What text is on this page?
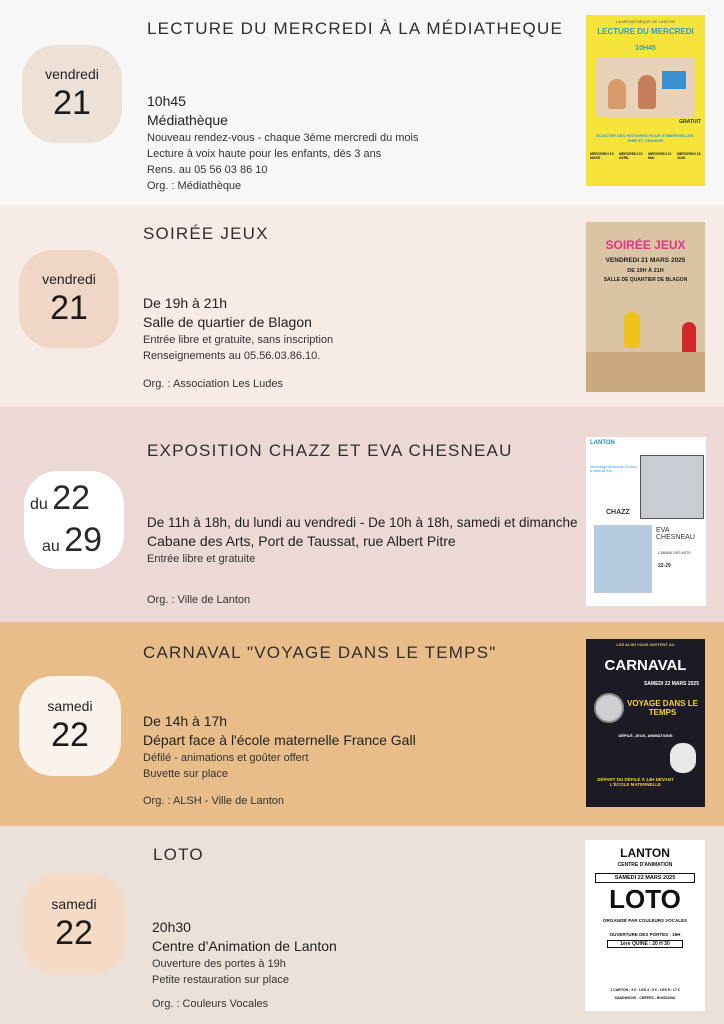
LECTURE DU MERCREDI À LA MÉDIATHEQUE
vendredi
21	10h45
Médiathèque
Nouveau rendez-vous - chaque 3ème mercredi du mois
Lecture à voix haute pour les enfants, dès 3 ans
Rens. au 05 56 03 86 10
Org. : Médiathèque
LA MÉDIATHÈQUE DE LANTON
LECTURE DU MERCREDI
10H45
GRATUIT
ÉCOUTER DES HISTOIRES POUR S'ÉMERVEILLER, RIRE ET GRANDIR
MERCREDI 19 MARS
MERCREDI 23 AVRIL
MERCREDI 21 MAI
MERCREDI 18 JUIN
SOIRÉE JEUX
vendredi
21	De 19h à 21h
Salle de quartier de Blagon
Entrée libre et gratuite, sans inscription
Renseignements au 05.56.03.86.10.
Org. : Association Les Ludes
SOIRÉE JEUX
VENDREDI 21 MARS 2025
DE 19H À 21H
SALLE DE QUARTIER DE BLAGON
EXPOSITION CHAZZ ET EVA CHESNEAU
du 22
au 29	De 11h à 18h, du lundi au vendredi - De 10h à 18h, samedi et dimanche
Cabane des Arts, Port de Taussat, rue Albert Pitre
Entrée libre et gratuite
Org. : Ville de Lanton
LANTON
Vernissage dimanche 23 mars à partir de 11h
CHAZZ
EVA CHESNEAU
CABANE DES ARTS
22-29
CARNAVAL "VOYAGE DANS LE TEMPS"
samedi
22	De 14h à 17h
Départ face à l'école maternelle France Gall
Défilé - animations et goûter offert
Buvette sur place
Org. : ALSH - Ville de Lanton
LES ALSH VOUS INVITENT AU
CARNAVAL
SAMEDI 22 MARS 2025
VOYAGE DANS LE TEMPS
DÉFILÉ, JEUX, ANIMATIONS
DÉPART DU DÉFILÉ À 14H DEVANT L'ÉCOLE MATERNELLE
LOTO
samedi
22	20h30
Centre d'Animation de Lanton
Ouverture des portes à 19h
Petite restauration sur place
Org. : Couleurs Vocales
LANTON
CENTRE D'ANIMATION
SAMEDI 22 MARS 2025
LOTO
ORGANISÉ PAR COULEURS VOCALES
OUVERTURE DES PORTES : 19H
1ère QUINE : 20 H 30
1 CARTON : 3 € - LES 4 : 9 € - LES 6 : 17 €
SANDWICHS - CRÊPES - BOISSONS
